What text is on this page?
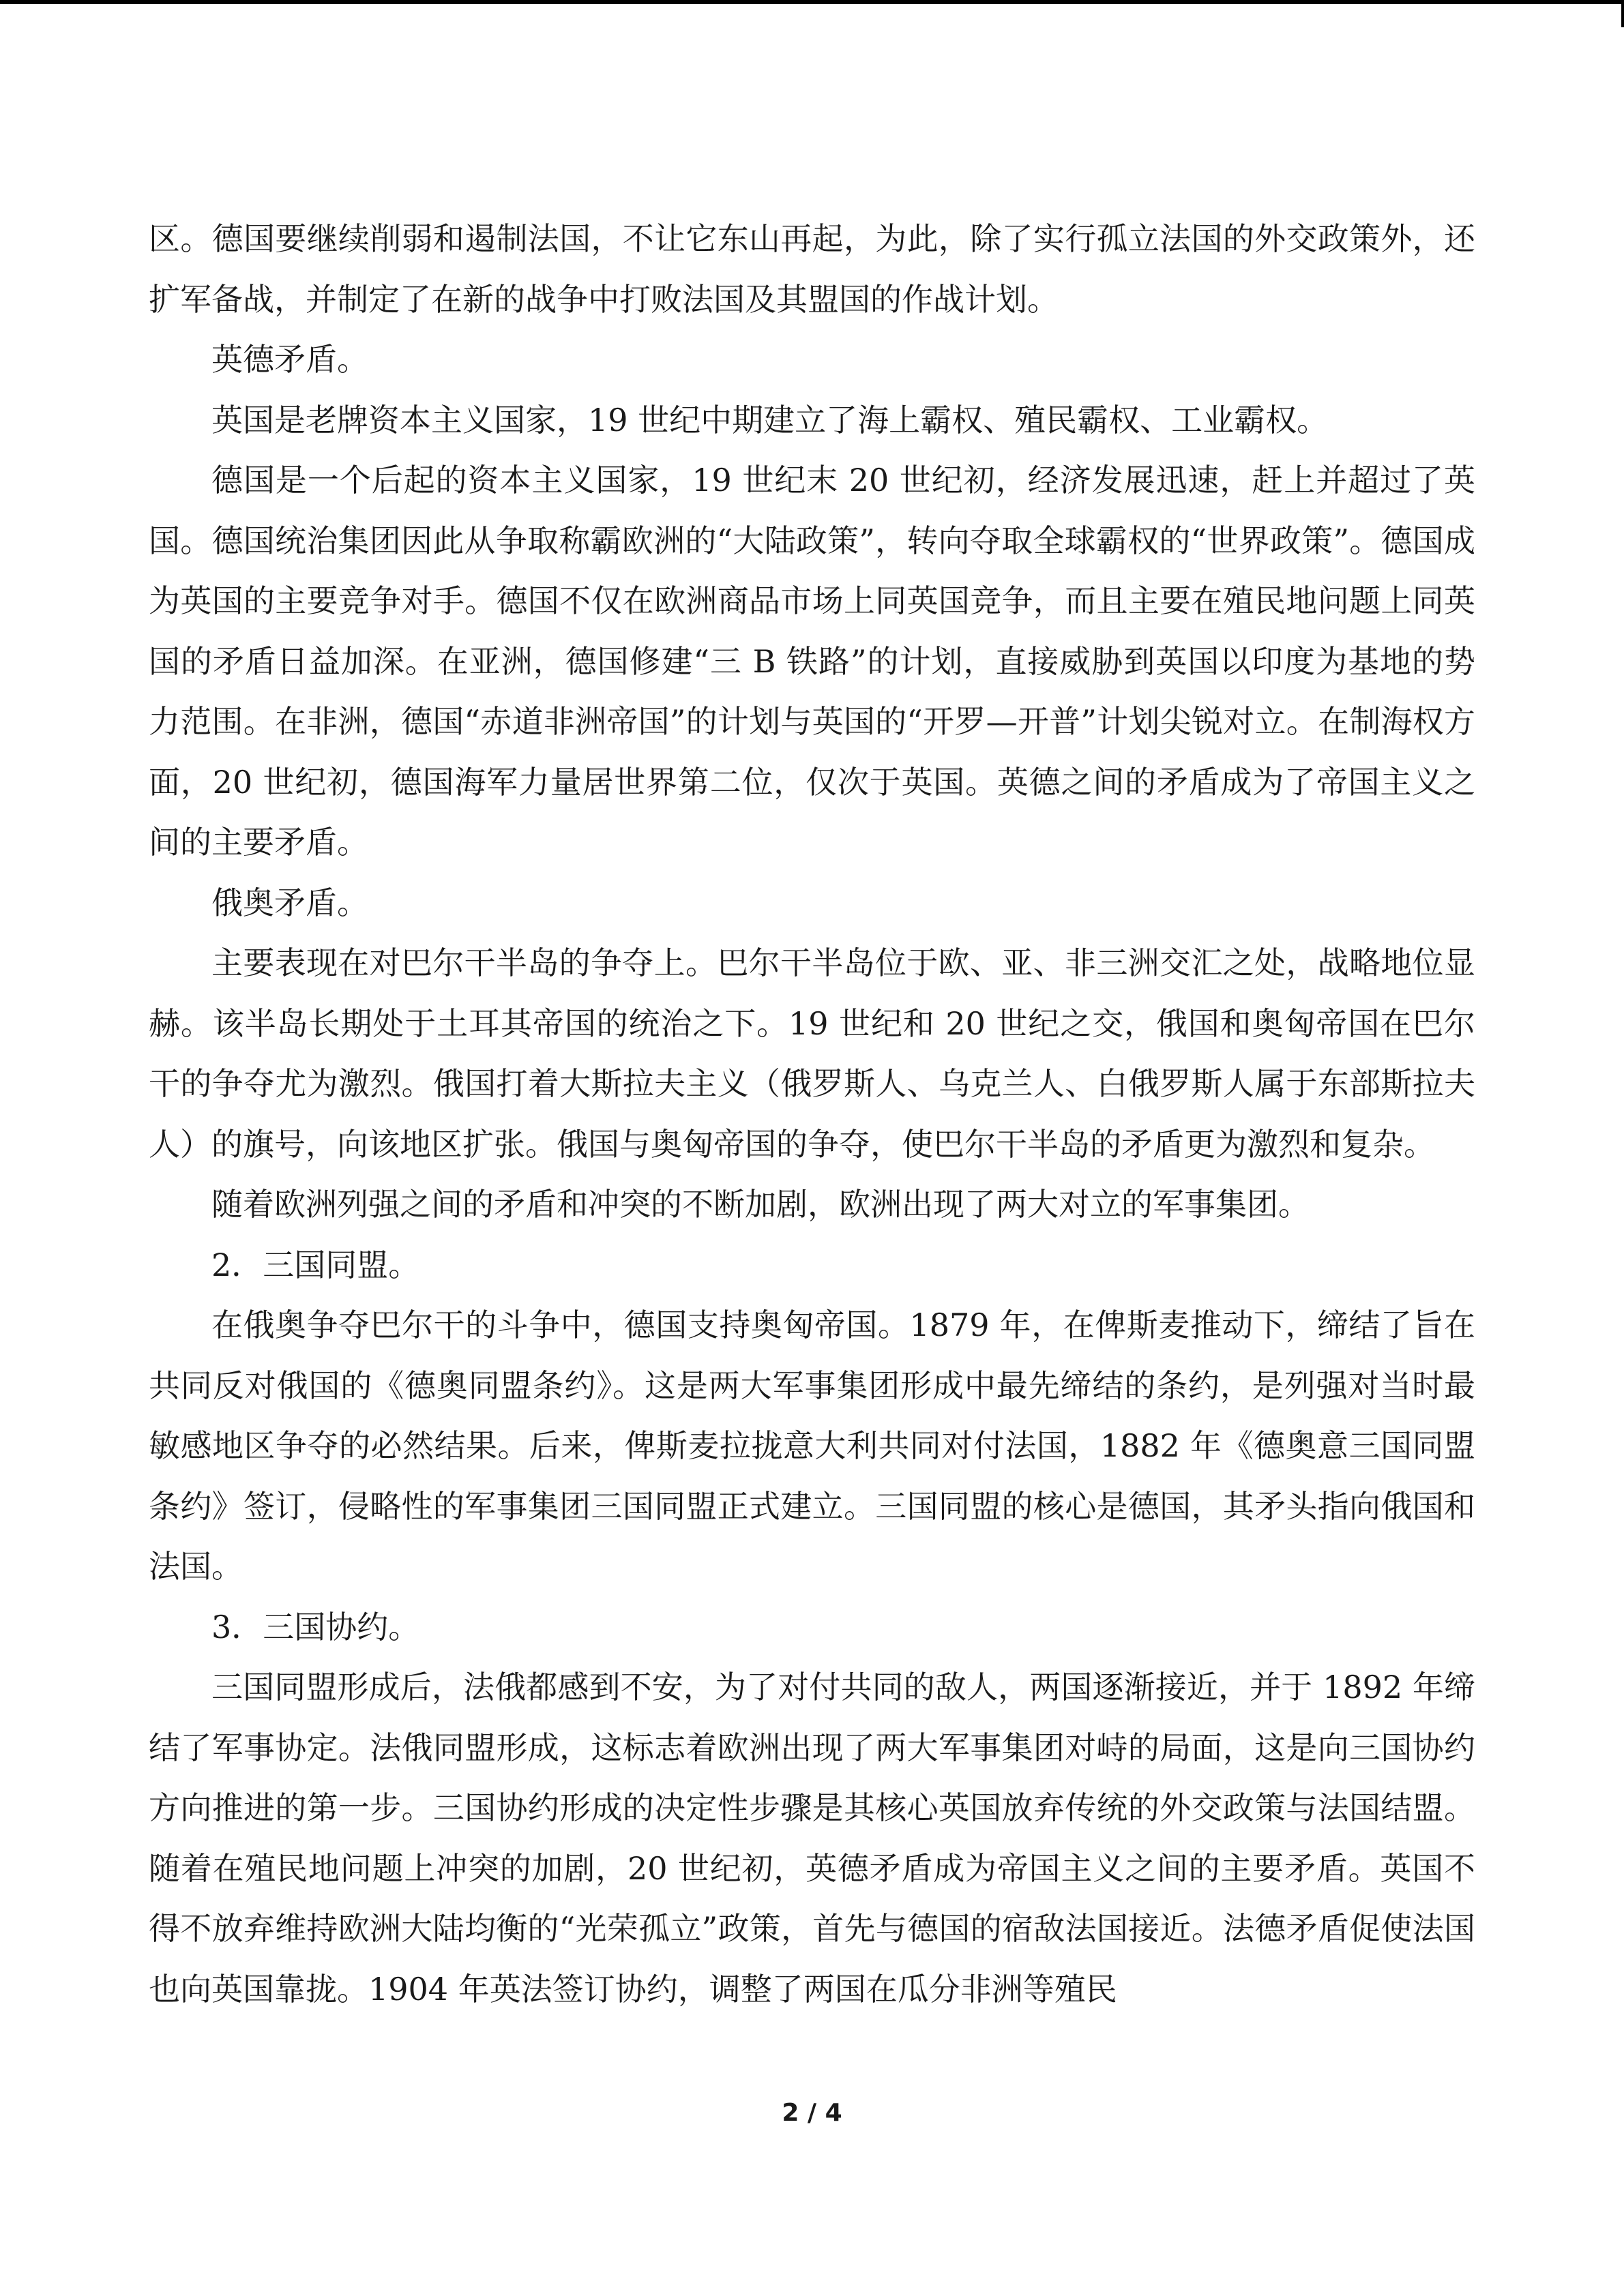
区。德国要继续削弱和遏制法国，不让它东山再起，为此，除了实行孤立法国的外交政策外，还扩军备战，并制定了在新的战争中打败法国及其盟国的作战计划。

英德矛盾。

英国是老牌资本主义国家，19 世纪中期建立了海上霸权、殖民霸权、工业霸权。

德国是一个后起的资本主义国家，19 世纪末 20 世纪初，经济发展迅速，赶上并超过了英国。德国统治集团因此从争取称霸欧洲的“大陆政策”，转向夺取全球霸权的“世界政策”。德国成为英国的主要竞争对手。德国不仅在欧洲商品市场上同英国竞争，而且主要在殖民地问题上同英国的矛盾日益加深。在亚洲，德国修建“三 B 铁路”的计划，直接威胁到英国以印度为基地的势力范围。在非洲，德国“赤道非洲帝国”的计划与英国的“开罗—开普”计划尖锐对立。在制海权方面，20 世纪初，德国海军力量居世界第二位，仅次于英国。英德之间的矛盾成为了帝国主义之间的主要矛盾。

俄奥矛盾。

主要表现在对巴尔干半岛的争夺上。巴尔干半岛位于欧、亚、非三洲交汇之处，战略地位显赫。该半岛长期处于土耳其帝国的统治之下。19 世纪和 20 世纪之交，俄国和奥匈帝国在巴尔干的争夺尤为激烈。俄国打着大斯拉夫主义（俄罗斯人、乌克兰人、白俄罗斯人属于东部斯拉夫人）的旗号，向该地区扩张。俄国与奥匈帝国的争夺，使巴尔干半岛的矛盾更为激烈和复杂。

随着欧洲列强之间的矛盾和冲突的不断加剧，欧洲出现了两大对立的军事集团。

2．三国同盟。

在俄奥争夺巴尔干的斗争中，德国支持奥匈帝国。1879 年，在俾斯麦推动下，缔结了旨在共同反对俄国的《德奥同盟条约》。这是两大军事集团形成中最先缔结的条约，是列强对当时最敏感地区争夺的必然结果。后来，俾斯麦拉拢意大利共同对付法国，1882 年《德奥意三国同盟条约》签订，侵略性的军事集团三国同盟正式建立。三国同盟的核心是德国，其矛头指向俄国和法国。

3．三国协约。

三国同盟形成后，法俄都感到不安，为了对付共同的敌人，两国逐渐接近，并于 1892 年缔结了军事协定。法俄同盟形成，这标志着欧洲出现了两大军事集团对峙的局面，这是向三国协约方向推进的第一步。三国协约形成的决定性步骤是其核心英国放弃传统的外交政策与法国结盟。随着在殖民地问题上冲突的加剧，20 世纪初，英德矛盾成为帝国主义之间的主要矛盾。英国不得不放弃维持欧洲大陆均衡的“光荣孤立”政策，首先与德国的宿敌法国接近。法德矛盾促使法国也向英国靠拢。1904 年英法签订协约，调整了两国在瓜分非洲等殖民

2 / 4
